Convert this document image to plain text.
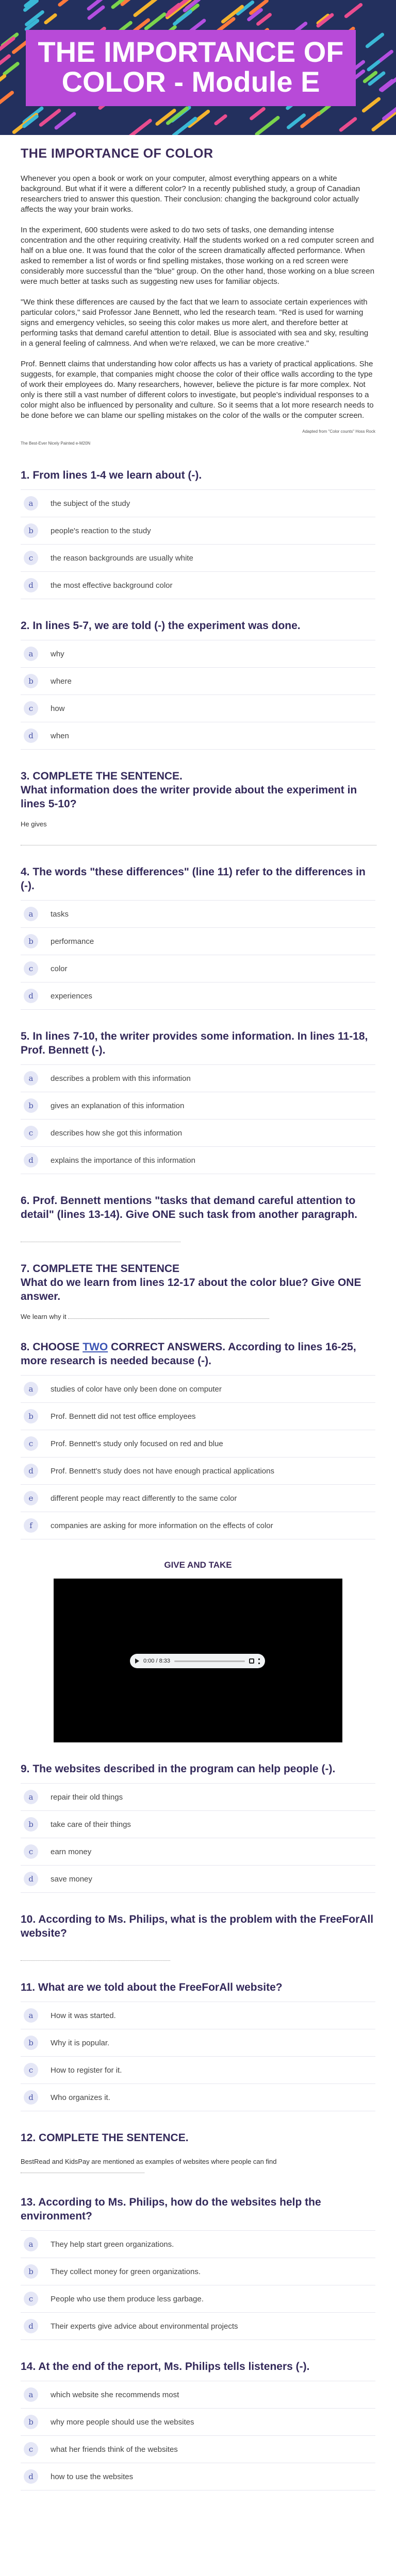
THE IMPORTANCE OF COLOR - Module E
THE IMPORTANCE OF COLOR

Whenever you open a book or work on your computer, almost everything appears on a white background. But what if it were a different color? In a recently published study, a group of Canadian researchers tried to answer this question. Their conclusion: changing the background color actually affects the way your brain works.

In the experiment, 600 students were asked to do two sets of tasks, one demanding intense concentration and the other requiring creativity. Half the students worked on a red computer screen and half on a blue one. It was found that the color of the screen dramatically affected performance. When asked to remember a list of words or find spelling mistakes, those working on a red screen were considerably more successful than the "blue" group. On the other hand, those working on a blue screen were much better at tasks such as suggesting new uses for familiar objects.

"We think these differences are caused by the fact that we learn to associate certain experiences with particular colors," said Professor Jane Bennett, who led the research team. "Red is used for warning signs and emergency vehicles, so seeing this color makes us more alert, and therefore better at performing tasks that demand careful attention to detail. Blue is associated with sea and sky, resulting in a general feeling of calmness. And when we're relaxed, we can be more creative."

Prof. Bennett claims that understanding how color affects us has a variety of practical applications. She suggests, for example, that companies might choose the color of their office walls according to the type of work their employees do. Many researchers, however, believe the picture is far more complex. Not only is there still a vast number of different colors to investigate, but people's individual responses to a color might also be influenced by personality and culture. So it seems that a lot more research needs to be done before we can blame our spelling mistakes on the color of the walls or the computer screen.

Adapted from "Color counts" Hoss Rock
The Best-Ever Nicely Painted e-M20N
1. From lines 1-4 we learn about (-).
a	the subject of the study
b	people's reaction to the study
c	the reason backgrounds are usually white
d	the most effective background color
2. In lines 5-7, we are told (-) the experiment was done.
a	why
b	where
c	how
d	when
3. COMPLETE THE SENTENCE.
What information does the writer provide about the experiment in lines 5-10?
He gives
4. The words "these differences" (line 11) refer to the differences in (-).
a	tasks
b	performance
c	color
d	experiences
5. In lines 7-10, the writer provides some information. In lines 11-18, Prof. Bennett (-).
a	describes a problem with this information
b	gives an explanation of this information
c	describes how she got this information
d	explains the importance of this information
6. Prof. Bennett mentions "tasks that demand careful attention to detail" (lines 13-14). Give ONE such task from another paragraph.
7. COMPLETE THE SENTENCE
What do we learn from lines 12-17 about the color blue? Give ONE answer.
We learn why it
8. CHOOSE TWO CORRECT ANSWERS. According to lines 16-25, more research is needed because (-).
a	studies of color have only been done on computer
b	Prof. Bennett did not test office employees
c	Prof. Bennett's study only focused on red and blue
d	Prof. Bennett's study does not have enough practical applications
e	different people may react differently to the same color
f	companies are asking for more information on the effects of color
GIVE AND TAKE
0:00 / 8:33
9. The websites described in the program can help people (-).
a	repair their old things
b	take care of their things
c	earn money
d	save money
10. According to Ms. Philips, what is the problem with the FreeForAll website?
11. What are we told about the FreeForAll website?
a	How it was started.
b	Why it is popular.
c	How to register for it.
d	Who organizes it.
12. COMPLETE THE SENTENCE.
BestRead and KidsPay are mentioned as examples of websites where people can find
13. According to Ms. Philips, how do the websites help the environment?
a	They help start green organizations.
b	They collect money for green organizations.
c	People who use them produce less garbage.
d	Their experts give advice about environmental projects
14. At the end of the report, Ms. Philips tells listeners (-).
a	which website she recommends most
b	why more people should use the websites
c	what her friends think of the websites
d	how to use the websites
